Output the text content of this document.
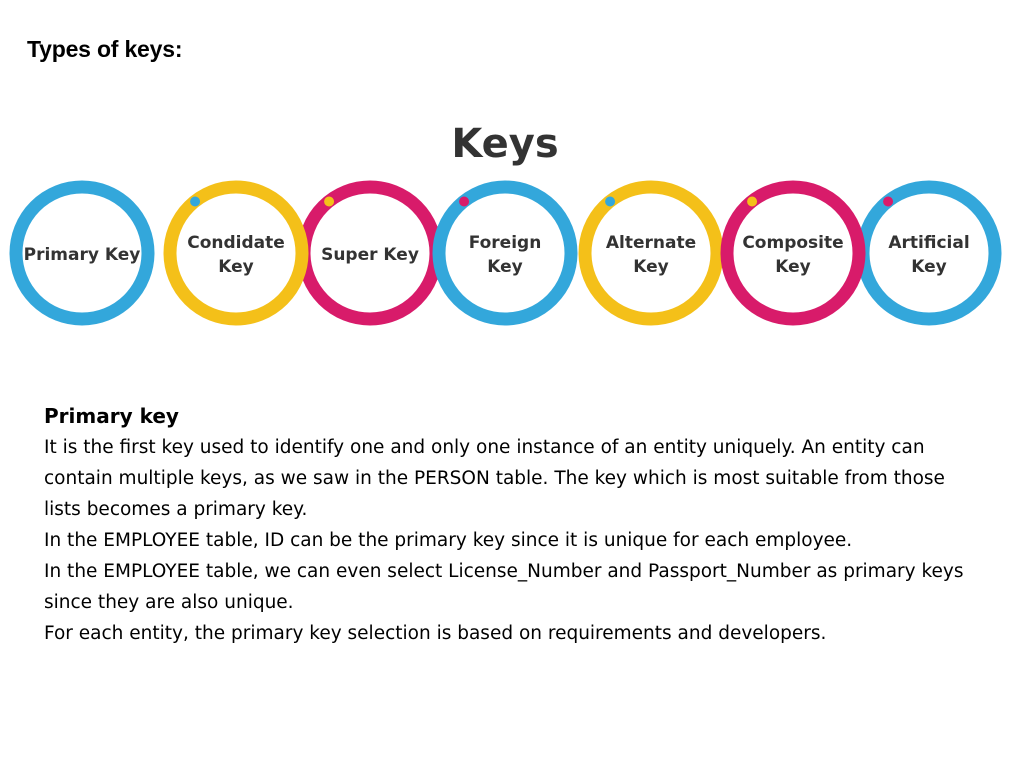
Types of keys:
Keys
Primary Key	Super Key
Alternate
Key
Artificial
Key
Condidate
Key
Foreign
Key
Composite
Key
Primary key

It is the first key used to identify one and only one instance of an entity uniquely. An entity can contain multiple keys, as we saw in the PERSON table. The key which is most suitable from those lists becomes a primary key.

In the EMPLOYEE table, ID can be the primary key since it is unique for each employee.

In the EMPLOYEE table, we can even select License_Number and Passport_Number as primary keys since they are also unique.

For each entity, the primary key selection is based on requirements and developers.
